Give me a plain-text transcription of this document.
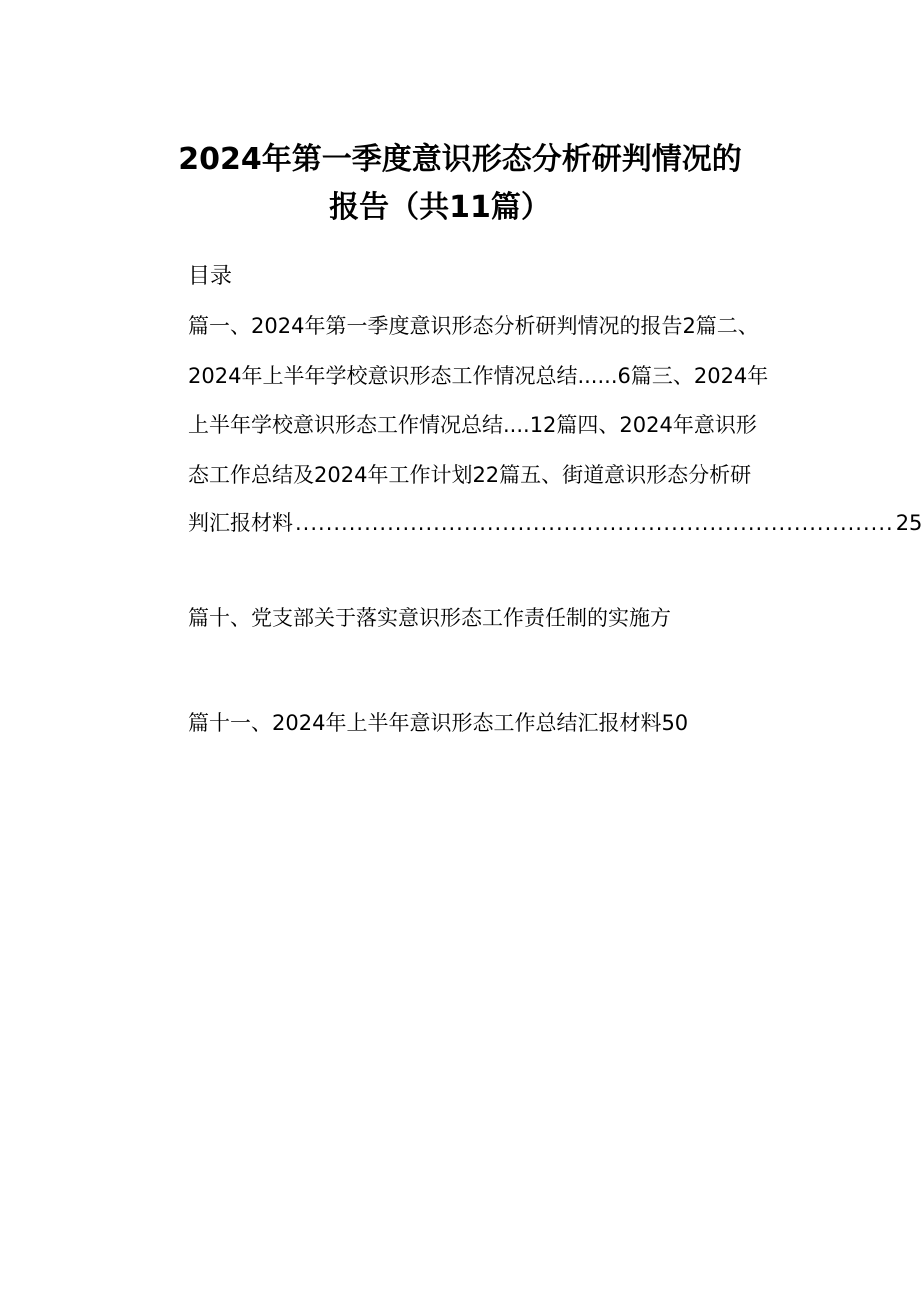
2024年第一季度意识形态分析研判情况的
报告（共11篇）
目录
篇一、2024年第一季度意识形态分析研判情况的报告2篇二、
2024年上半年学校意识形态工作情况总结......6篇三、2024年
上半年学校意识形态工作情况总结....12篇四、2024年意识形
态工作总结及2024年工作计划22篇五、街道意识形态分析研
判汇报材料 .............................................................................. 25
篇十、党支部关于落实意识形态工作责任制的实施方
篇十一、2024年上半年意识形态工作总结汇报材料50
